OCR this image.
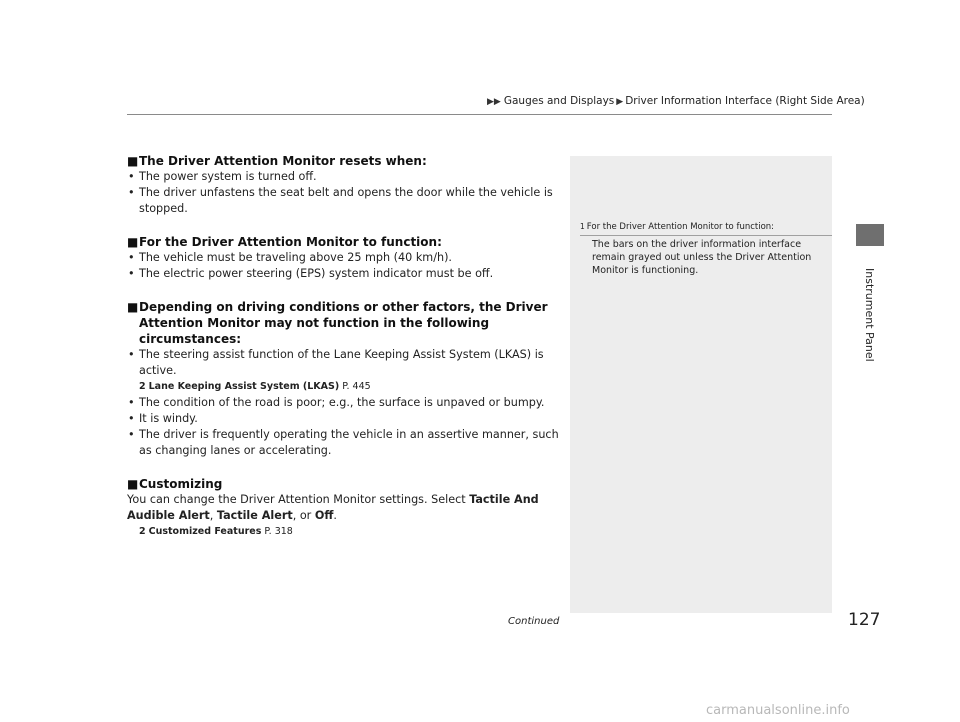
▶▶ Gauges and Displays ▶ Driver Information Interface (Right Side Area)
Instrument Panel
■The Driver Attention Monitor resets when:
• The power system is turned off.
• The driver unfastens the seat belt and opens the door while the vehicle is stopped.
■For the Driver Attention Monitor to function:
• The vehicle must be traveling above 25 mph (40 km/h).
• The electric power steering (EPS) system indicator must be off.
■Depending on driving conditions or other factors, the Driver Attention Monitor may not function in the following circumstances:
• The steering assist function of the Lane Keeping Assist System (LKAS) is active.
2 Lane Keeping Assist System (LKAS) P. 445
• The condition of the road is poor; e.g., the surface is unpaved or bumpy.
• It is windy.
• The driver is frequently operating the vehicle in an assertive manner, such as changing lanes or accelerating.
■Customizing
You can change the Driver Attention Monitor settings. Select Tactile And Audible Alert, Tactile Alert, or Off.
2 Customized Features P. 318
1 For the Driver Attention Monitor to function:
The bars on the driver information interface remain grayed out unless the Driver Attention Monitor is functioning.
Continued	127
carmanualsonline.info
